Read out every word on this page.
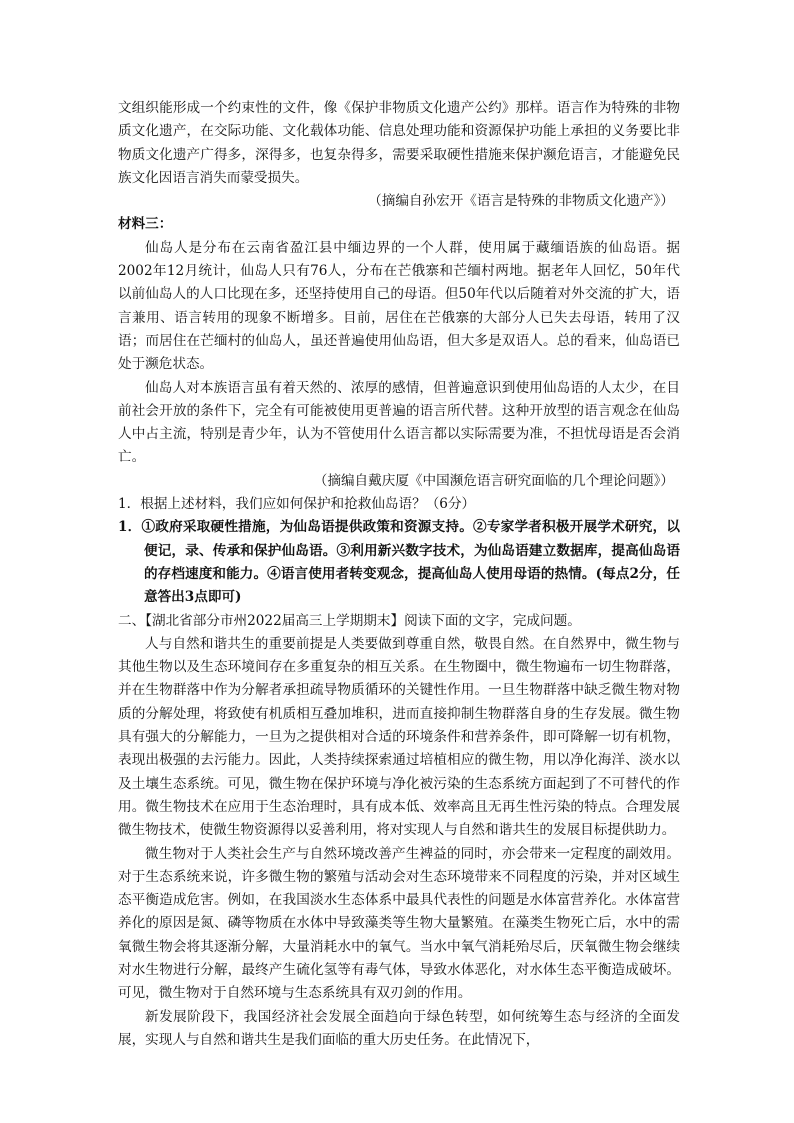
文组织能形成一个约束性的文件，像《保护非物质文化遗产公约》那样。语言作为特殊的非物质文化遗产，在交际功能、文化载体功能、信息处理功能和资源保护功能上承担的义务要比非物质文化遗产广得多，深得多，也复杂得多，需要采取硬性措施来保护濒危语言，才能避免民族文化因语言消失而蒙受损失。

（摘编自孙宏开《语言是特殊的非物质文化遗产》）

材料三：

仙岛人是分布在云南省盈江县中缅边界的一个人群，使用属于藏缅语族的仙岛语。据2002年12月统计，仙岛人只有76人，分布在芒俄寨和芒缅村两地。据老年人回忆，50年代以前仙岛人的人口比现在多，还坚持使用自己的母语。但50年代以后随着对外交流的扩大，语言兼用、语言转用的现象不断增多。目前，居住在芒俄寨的大部分人已失去母语，转用了汉语；而居住在芒缅村的仙岛人，虽还普遍使用仙岛语，但大多是双语人。总的看来，仙岛语已处于濒危状态。

仙岛人对本族语言虽有着天然的、浓厚的感情，但普遍意识到使用仙岛语的人太少，在目前社会开放的条件下，完全有可能被使用更普遍的语言所代替。这种开放型的语言观念在仙岛人中占主流，特别是青少年，认为不管使用什么语言都以实际需要为准，不担忧母语是否会消亡。

（摘编自戴庆厦《中国濒危语言研究面临的几个理论问题》）

1．根据上述材料，我们应如何保护和抢救仙岛语？（6分）

1．①政府采取硬性措施，为仙岛语提供政策和资源支持。②专家学者积极开展学术研究，以便记，录、传承和保护仙岛语。③利用新兴数字技术，为仙岛语建立数据库，提高仙岛语的存档速度和能力。④语言使用者转变观念，提高仙岛人使用母语的热情。(每点2分，任意答出3点即可)

二、【湖北省部分市州2022届高三上学期期末】阅读下面的文字，完成问题。

人与自然和谐共生的重要前提是人类要做到尊重自然，敬畏自然。在自然界中，微生物与其他生物以及生态环境间存在多重复杂的相互关系。在生物圈中，微生物遍布一切生物群落，并在生物群落中作为分解者承担疏导物质循环的关键性作用。一旦生物群落中缺乏微生物对物质的分解处理，将致使有机质相互叠加堆积，进而直接抑制生物群落自身的生存发展。微生物具有强大的分解能力，一旦为之提供相对合适的环境条件和营养条件，即可降解一切有机物，表现出极强的去污能力。因此，人类持续探索通过培植相应的微生物，用以净化海洋、淡水以及土壤生态系统。可见，微生物在保护环境与净化被污染的生态系统方面起到了不可替代的作用。微生物技术在应用于生态治理时，具有成本低、效率高且无再生性污染的特点。合理发展微生物技术，使微生物资源得以妥善利用，将对实现人与自然和谐共生的发展目标提供助力。

微生物对于人类社会生产与自然环境改善产生裨益的同时，亦会带来一定程度的副效用。对于生态系统来说，许多微生物的繁殖与活动会对生态环境带来不同程度的污染，并对区域生态平衡造成危害。例如，在我国淡水生态体系中最具代表性的问题是水体富营养化。水体富营养化的原因是氮、磷等物质在水体中导致藻类等生物大量繁殖。在藻类生物死亡后，水中的需氧微生物会将其逐渐分解，大量消耗水中的氧气。当水中氧气消耗殆尽后，厌氧微生物会继续对水生物进行分解，最终产生硫化氢等有毒气体，导致水体恶化，对水体生态平衡造成破坏。可见，微生物对于自然环境与生态系统具有双刃剑的作用。

新发展阶段下，我国经济社会发展全面趋向于绿色转型，如何统筹生态与经济的全面发展，实现人与自然和谐共生是我们面临的重大历史任务。在此情况下，
